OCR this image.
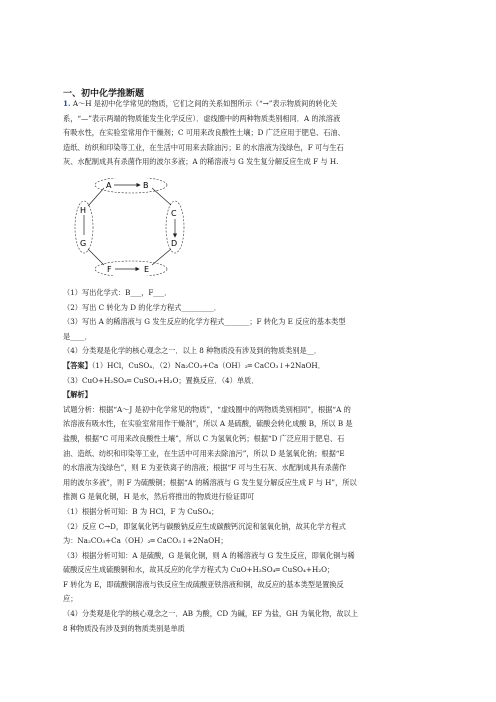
一、初中化学推断题
1. A～H 是初中化学常见的物质，它们之间的关系如图所示（“→”表示物质间的转化关
系，“—”表示两端的物质能发生化学反应）．虚线圈中的两种物质类别相同．A 的浓溶液
有吸水性，在实验室常用作干燥剂；C 可用来改良酸性土壤；D 广泛应用于肥皂、石油、
造纸、纺织和印染等工业，在生活中可用来去除油污；E 的水溶液为浅绿色，F 可与生石
灰、水配制成具有杀菌作用的波尔多液；A 的稀溶液与 G 发生复分解反应生成 F 与 H.
A	B
C
D
E
F
G
H
（1）写出化学式：B___，F___．
（2）写出 C 转化为 D 的化学方程式_________．
（3）写出 A 的稀溶液与 G 发生反应的化学方程式_______；F 转化为 E 反应的基本类型
是____．
（4）分类观是化学的核心观念之一．以上 8 种物质没有涉及到的物质类别是__．
【答案】（1）HCl，CuSO₄．（2）Na₂CO₃+Ca（OH）₂═ CaCO₃↓+2NaOH．
（3）CuO+H₂SO₄═ CuSO₄+H₂O；置换反应．（4）单质．
【解析】
试题分析：根据“A～J 是初中化学常见的物质”，“虚线圈中的两物质类别相同”，根据“A 的
浓溶液有吸水性，在实验室常用作干燥剂”，所以 A 是硫酸，硫酸会转化成酸 B，所以 B 是
盐酸，根据“C 可用来改良酸性土壤”，所以 C 为氢氧化钙；根据“D 广泛应用于肥皂、石
油、造纸、纺织和印染等工业，在生活中可用来去除油污”，所以 D 是氢氧化钠；根据“E
的水溶液为浅绿色”，则 E 为亚铁离子的溶液；根据“F 可与生石灰、水配制成具有杀菌作
用的波尔多液”，则 F 为硫酸铜；根据“A 的稀溶液与 G 发生复分解反应生成 F 与 H”，所以
推测 G 是氧化铜，H 是水，然后将推出的物质进行验证即可
（1）根据分析可知：B 为 HCl，F 为 CuSO₄；
（2）反应 C→D，即氢氧化钙与碳酸钠反应生成碳酸钙沉淀和氢氧化钠，故其化学方程式
为：Na₂CO₃+Ca（OH）₂═ CaCO₃↓+2NaOH；
（3）根据分析可知：A 是硫酸，G 是氧化铜，则 A 的稀溶液与 G 发生反应，即氧化铜与稀
硫酸反应生成硫酸铜和水，故其反应的化学方程式为 CuO+H₂SO₄═ CuSO₄+H₂O；
F 转化为 E，即硫酸铜溶液与铁反应生成硫酸亚铁溶液和铜，故反应的基本类型是置换反
应；
（4）分类观是化学的核心观念之一．AB 为酸，CD 为碱，EF 为盐，GH 为氧化物，故以上
8 种物质没有涉及到的物质类别是单质
